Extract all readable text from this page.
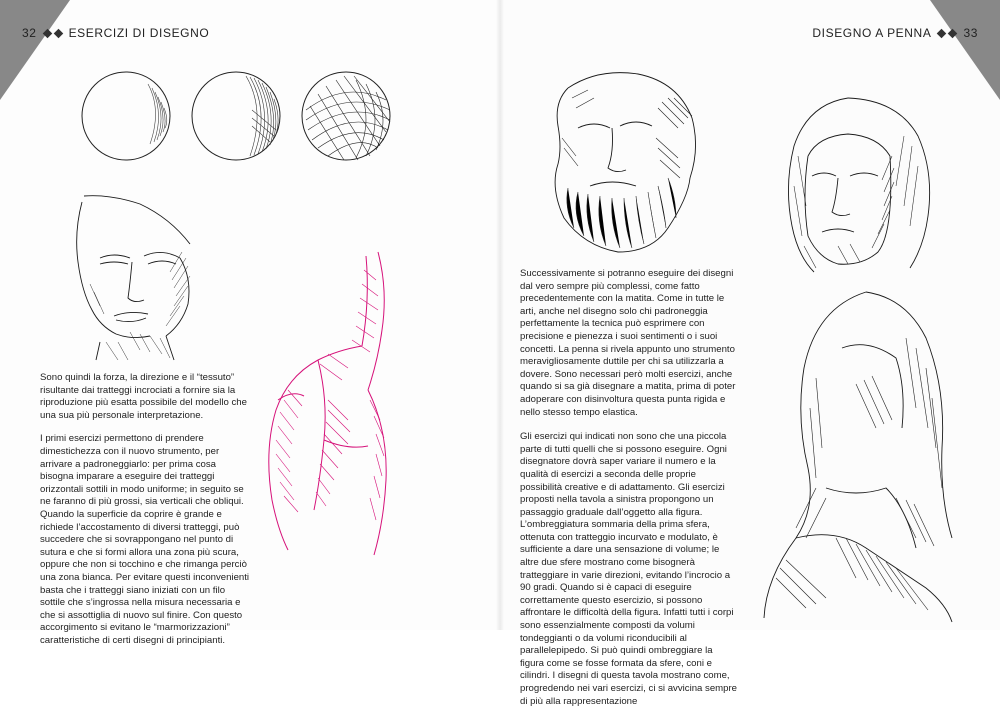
32	ESERCIZI DI DISEGNO

Sono quindi la forza, la direzione e il “tessuto” risultante dai tratteggi incrociati a fornire sia la riproduzione più esatta possibile del modello che una sua più personale interpretazione.

I primi esercizi permettono di prendere dimestichezza con il nuovo strumento, per arrivare a padroneggiarlo: per prima cosa bisogna imparare a eseguire dei tratteggi orizzontali sottili in modo uniforme; in seguito se ne faranno di più grossi, sia verticali che obliqui. Quando la superficie da coprire è grande e richiede l’accostamento di diversi tratteggi, può succedere che si sovrappongano nel punto di sutura e che si formi allora una zona più scura, oppure che non si tocchino e che rimanga perciò una zona bianca. Per evitare questi inconvenienti basta che i tratteggi siano iniziati con un filo sottile che s’ingrossa nella misura necessaria e che si assottiglia di nuovo sul finire. Con questo accorgimento si evitano le “marmorizzazioni” caratteristiche di certi disegni di principianti.

DISEGNO A PENNA	33

Successivamente si potranno eseguire dei disegni dal vero sempre più complessi, come fatto precedentemente con la matita. Come in tutte le arti, anche nel disegno solo chi padroneggia perfettamente la tecnica può esprimere con precisione e pienezza i suoi sentimenti o i suoi concetti. La penna si rivela appunto uno strumento meravigliosamente duttile per chi sa utilizzarla a dovere. Sono necessari però molti esercizi, anche quando si sa già disegnare a matita, prima di poter adoperare con disinvoltura questa punta rigida e nello stesso tempo elastica.

Gli esercizi qui indicati non sono che una piccola parte di tutti quelli che si possono eseguire. Ogni disegnatore dovrà saper variare il numero e la qualità di esercizi a seconda delle proprie possibilità creative e di adattamento. Gli esercizi proposti nella tavola a sinistra propongono un passaggio graduale dall’oggetto alla figura. L’ombreggiatura sommaria della prima sfera, ottenuta con tratteggio incurvato e modulato, è sufficiente a dare una sensazione di volume; le altre due sfere mostrano come bisognerà tratteggiare in varie direzioni, evitando l’incrocio a 90 gradi. Quando si è capaci di eseguire correttamente questo esercizio, si possono affrontare le difficoltà della figura. Infatti tutti i corpi sono essenzialmente composti da volumi tondeggianti o da volumi riconducibili al parallelepipedo. Si può quindi ombreggiare la figura come se fosse formata da sfere, coni e cilindri. I disegni di questa tavola mostrano come, progredendo nei vari esercizi, ci si avvicina sempre di più alla rappresentazione
